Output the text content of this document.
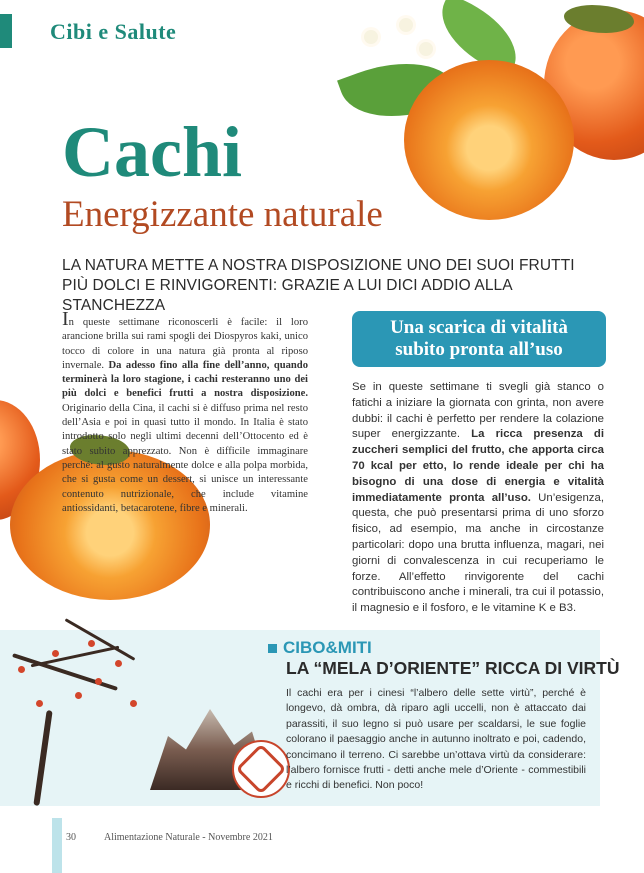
Cibi e Salute
Cachi
Energizzante naturale
LA NATURA METTE A NOSTRA DISPOSIZIONE UNO DEI SUOI FRUTTI
PIÙ DOLCI E RINVIGORENTI: GRAZIE A LUI DICI ADDIO ALLA STANCHEZZA

In queste settimane riconoscerli è facile: il loro arancione brilla sui rami spogli dei Diospyros kaki, unico tocco di colore in una natura già pronta al riposo invernale. Da adesso fino alla fine dell’anno, quando terminerà la loro stagione, i cachi resteranno uno dei più dolci e benefici frutti a nostra disposizione. Originario della Cina, il cachi si è diffuso prima nel resto dell’Asia e poi in quasi tutto il mondo. In Italia è stato introdotto solo negli ultimi decenni dell’Ottocento ed è stato subito apprezzato. Non è difficile immaginare perché: al gusto naturalmente dolce e alla polpa morbida, che si gusta come un dessert, si unisce un interessante contenuto nutrizionale, che include vitamine antiossidanti, betacarotene, fibre e minerali.

Una scarica di vitalità
subito pronta all’uso

Se in queste settimane ti svegli già stanco o fatichi a iniziare la giornata con grinta, non avere dubbi: il cachi è perfetto per rendere la colazione super energizzante. La ricca presenza di zuccheri semplici del frutto, che apporta circa 70 kcal per etto, lo rende ideale per chi ha bisogno di una dose di energia e vitalità immediatamente pronta all’uso. Un’esigenza, questa, che può presentarsi prima di uno sforzo fisico, ad esempio, ma anche in circostanze particolari: dopo una brutta influenza, magari, nei giorni di convalescenza in cui recuperiamo le forze. All’effetto rinvigorente del cachi contribuiscono anche i minerali, tra cui il potassio, il magnesio e il fosforo, e le vitamine K e B3.

CIBO&MITI
LA “MELA D’ORIENTE” RICCA DI VIRTÙ

Il cachi era per i cinesi “l’albero delle sette virtù”, perché è longevo, dà ombra, dà riparo agli uccelli, non è attaccato dai parassiti, il suo legno si può usare per scaldarsi, le sue foglie colorano il paesaggio anche in autunno inoltrato e poi, cadendo, concimano il terreno. Ci sarebbe un’ottava virtù da considerare: l’albero fornisce frutti - detti anche mele d’Oriente - commestibili e ricchi di benefici. Non poco!

30	Alimentazione Naturale - Novembre 2021
